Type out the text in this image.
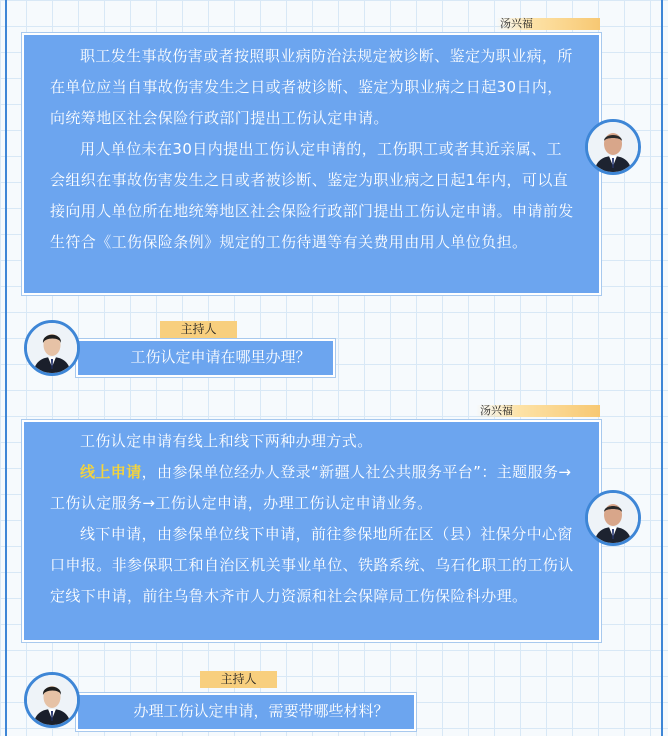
汤兴福

职工发生事故伤害或者按照职业病防治法规定被诊断、鉴定为职业病，所在单位应当自事故伤害发生之日或者被诊断、鉴定为职业病之日起30日内，向统筹地区社会保险行政部门提出工伤认定申请。

用人单位未在30日内提出工伤认定申请的，工伤职工或者其近亲属、工会组织在事故伤害发生之日或者被诊断、鉴定为职业病之日起1年内，可以直接向用人单位所在地统筹地区社会保险行政部门提出工伤认定申请。申请前发生符合《工伤保险条例》规定的工伤待遇等有关费用由用人单位负担。

主持人
工伤认定申请在哪里办理？
汤兴福

工伤认定申请有线上和线下两种办理方式。

线上申请，由参保单位经办人登录“新疆人社公共服务平台”：主题服务→工伤认定服务→工伤认定申请，办理工伤认定申请业务。

线下申请，由参保单位线下申请，前往参保地所在区（县）社保分中心窗口申报。非参保职工和自治区机关事业单位、铁路系统、乌石化职工的工伤认定线下申请，前往乌鲁木齐市人力资源和社会保障局工伤保险科办理。

主持人
办理工伤认定申请，需要带哪些材料？
